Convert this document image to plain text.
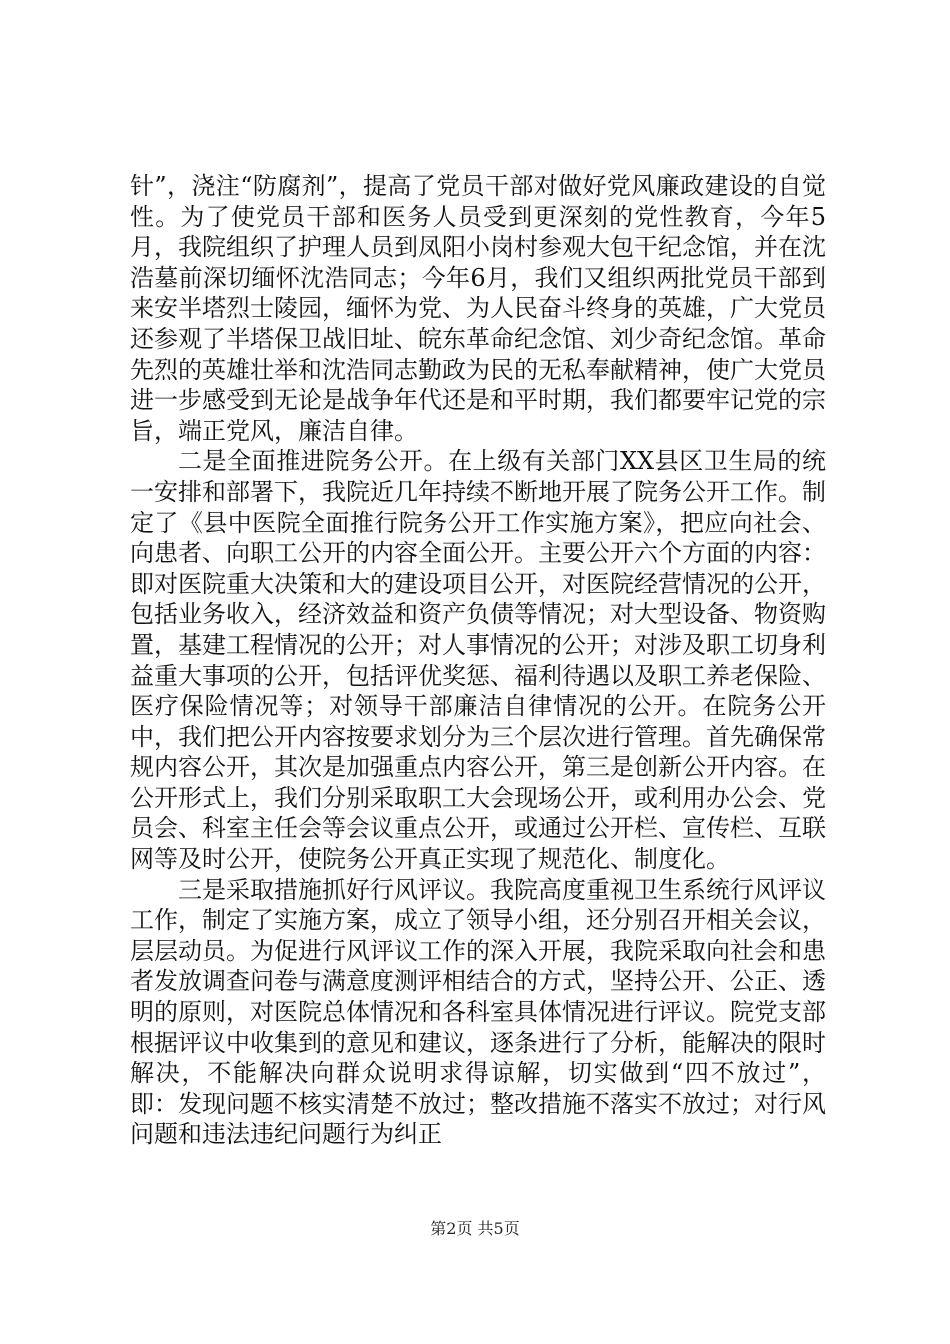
针”，浇注“防腐剂”，提高了党员干部对做好党风廉政建设的自觉性。为了使党员干部和医务人员受到更深刻的党性教育，今年5月，我院组织了护理人员到凤阳小岗村参观大包干纪念馆，并在沈浩墓前深切缅怀沈浩同志；今年6月，我们又组织两批党员干部到来安半塔烈士陵园，缅怀为党、为人民奋斗终身的英雄，广大党员还参观了半塔保卫战旧址、皖东革命纪念馆、刘少奇纪念馆。革命先烈的英雄壮举和沈浩同志勤政为民的无私奉献精神，使广大党员进一步感受到无论是战争年代还是和平时期，我们都要牢记党的宗旨，端正党风，廉洁自律。

二是全面推进院务公开。在上级有关部门XX县区卫生局的统一安排和部署下，我院近几年持续不断地开展了院务公开工作。制定了《县中医院全面推行院务公开工作实施方案》，把应向社会、向患者、向职工公开的内容全面公开。主要公开六个方面的内容：即对医院重大决策和大的建设项目公开，对医院经营情况的公开，包括业务收入，经济效益和资产负债等情况；对大型设备、物资购置，基建工程情况的公开；对人事情况的公开；对涉及职工切身利益重大事项的公开，包括评优奖惩、福利待遇以及职工养老保险、医疗保险情况等；对领导干部廉洁自律情况的公开。在院务公开中，我们把公开内容按要求划分为三个层次进行管理。首先确保常规内容公开，其次是加强重点内容公开，第三是创新公开内容。在公开形式上，我们分别采取职工大会现场公开，或利用办公会、党员会、科室主任会等会议重点公开，或通过公开栏、宣传栏、互联网等及时公开，使院务公开真正实现了规范化、制度化。

三是采取措施抓好行风评议。我院高度重视卫生系统行风评议工作，制定了实施方案，成立了领导小组，还分别召开相关会议，层层动员。为促进行风评议工作的深入开展，我院采取向社会和患者发放调查问卷与满意度测评相结合的方式，坚持公开、公正、透明的原则，对医院总体情况和各科室具体情况进行评议。院党支部根据评议中收集到的意见和建议，逐条进行了分析，能解决的限时解决，不能解决向群众说明求得谅解，切实做到“四不放过”，即：发现问题不核实清楚不放过；整改措施不落实不放过；对行风问题和违法违纪问题行为纠正

第2页 共5页
